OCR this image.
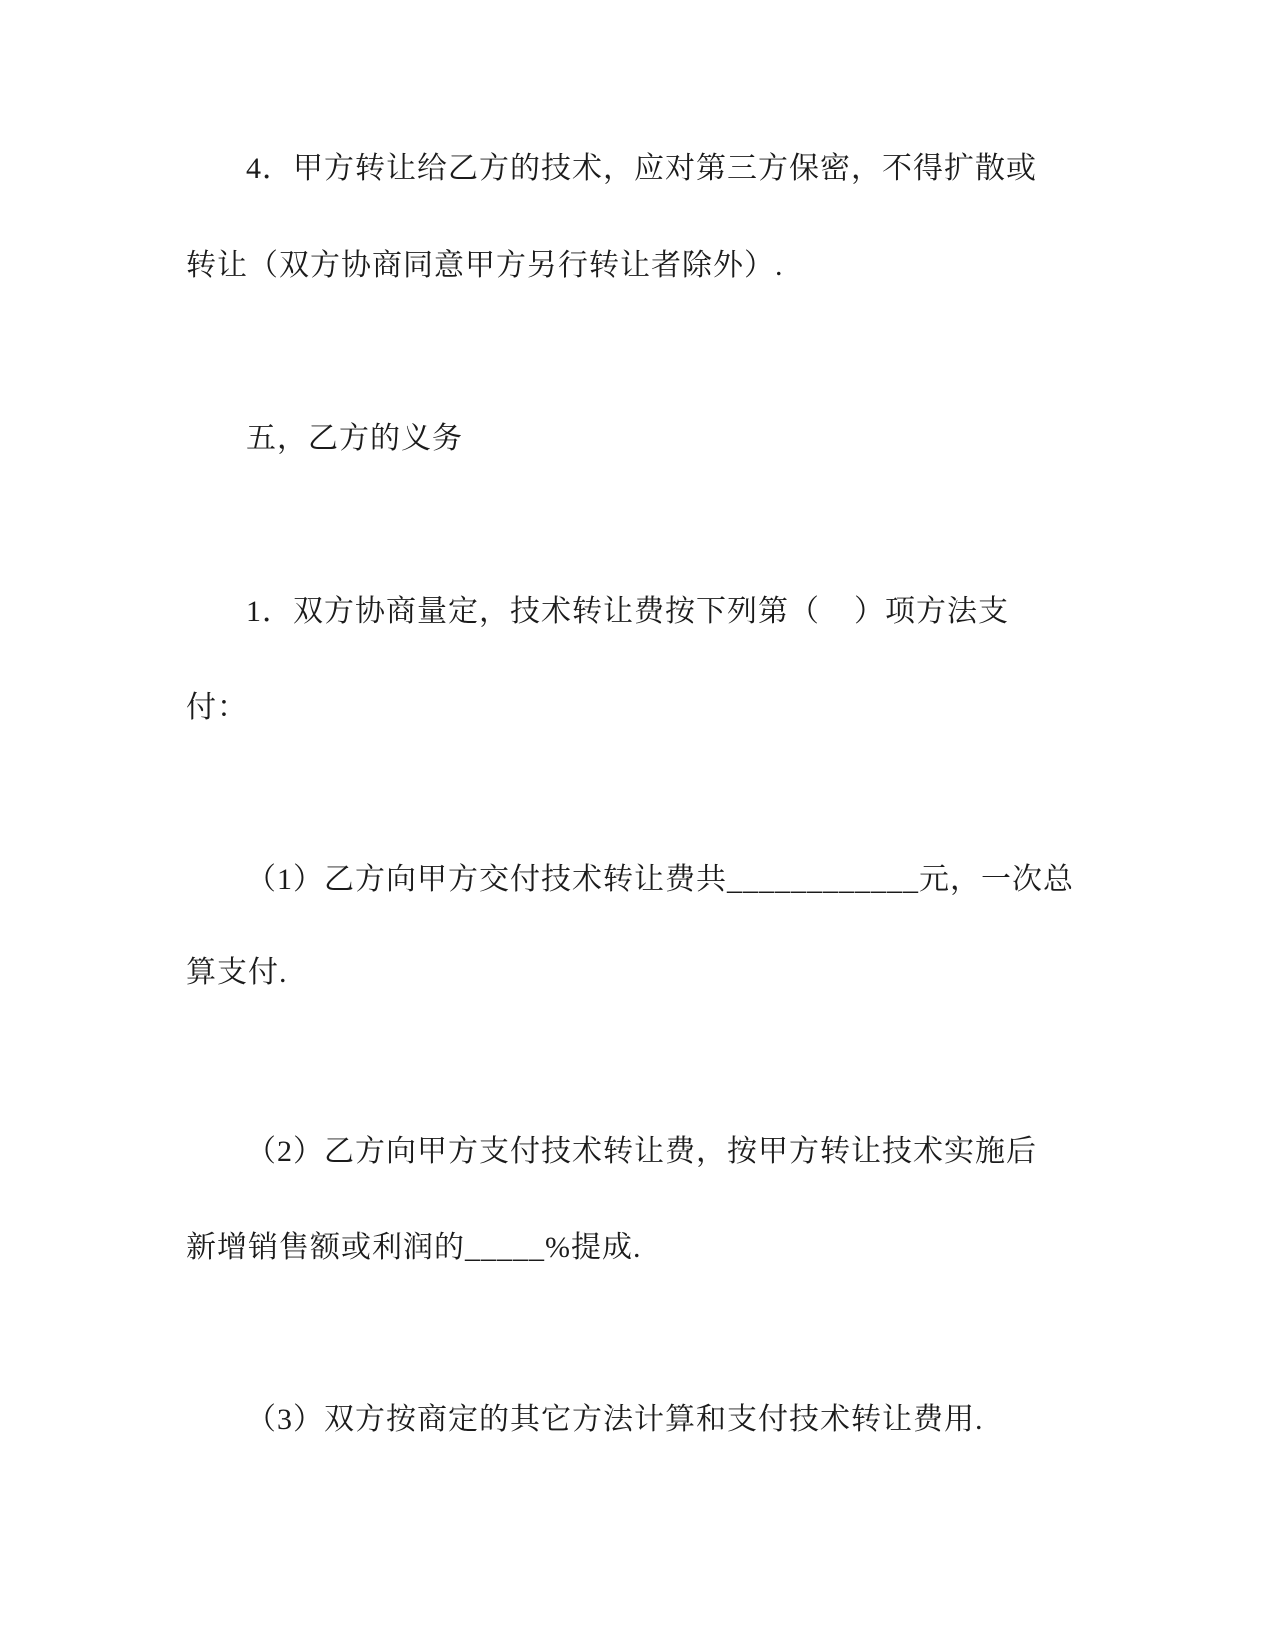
4．甲方转让给乙方的技术，应对第三方保密，不得扩散或
转让（双方协商同意甲方另行转让者除外）.
五，乙方的义务
1．双方协商量定，技术转让费按下列第（    ）项方法支
付：
（1）乙方向甲方交付技术转让费共____________元，一次总
算支付.
（2）乙方向甲方支付技术转让费，按甲方转让技术实施后
新增销售额或利润的_____%提成.
（3）双方按商定的其它方法计算和支付技术转让费用.
